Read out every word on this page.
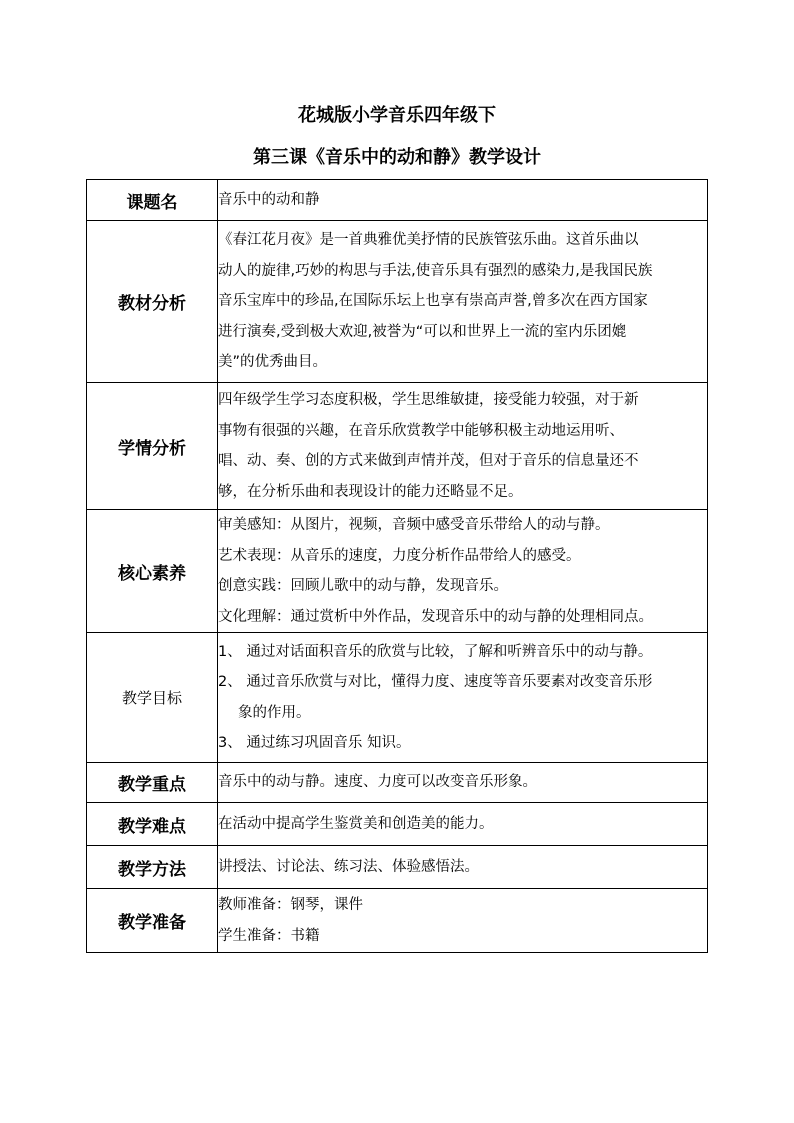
花城版小学音乐四年级下
第三课《音乐中的动和静》教学设计
课题名	音乐中的动和静

教材分析	《春江花月夜》是一首典雅优美抒情的民族管弦乐曲。这首乐曲以
动人的旋律,巧妙的构思与手法,使音乐具有强烈的感染力,是我国民族
音乐宝库中的珍品,在国际乐坛上也享有崇高声誉,曾多次在西方国家
进行演奏,受到极大欢迎,被誉为“可以和世界上一流的室内乐团媲
美”的优秀曲目。

学情分析	四年级学生学习态度积极，学生思维敏捷，接受能力较强，对于新
事物有很强的兴趣，在音乐欣赏教学中能够积极主动地运用听、
唱、动、奏、创的方式来做到声情并茂，但对于音乐的信息量还不
够，在分析乐曲和表现设计的能力还略显不足。

核心素养	审美感知：从图片，视频，音频中感受音乐带给人的动与静。
艺术表现：从音乐的速度，力度分析作品带给人的感受。
创意实践：回顾儿歌中的动与静，发现音乐。
文化理解：通过赏析中外作品，发现音乐中的动与静的处理相同点。

教学目标	1、 通过对话面积音乐的欣赏与比较，了解和听辨音乐中的动与静。
2、 通过音乐欣赏与对比，懂得力度、速度等音乐要素对改变音乐形
象的作用。
3、 通过练习巩固音乐 知识。

教学重点	音乐中的动与静。速度、力度可以改变音乐形象。

教学难点	在活动中提高学生鉴赏美和创造美的能力。

教学方法	讲授法、讨论法、练习法、体验感悟法。

教学准备	教师准备：钢琴，课件
学生准备：书籍
